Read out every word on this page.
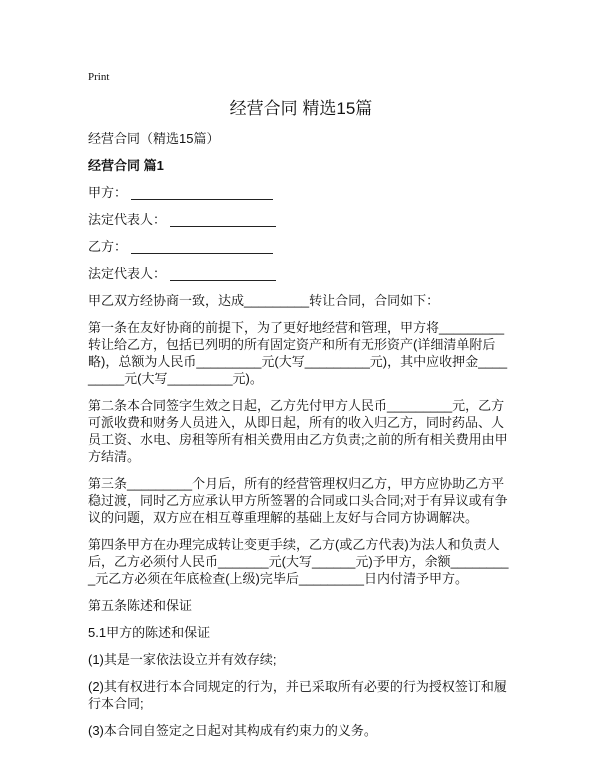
Print
经营合同 精选15篇
经营合同（精选15篇）
经营合同 篇1
甲方：
法定代表人：
乙方：
法定代表人：
甲乙双方经协商一致，达成_________转让合同，合同如下：
第一条在友好协商的前提下，为了更好地经营和管理，甲方将_________转让给乙方，包括已列明的所有固定资产和所有无形资产(详细清单附后略)，总额为人民币_________元(大写_________元)，其中应收押金_________元(大写_________元)。
第二条本合同签字生效之日起，乙方先付甲方人民币_________元，乙方可派收费和财务人员进入，从即日起，所有的收入归乙方，同时药品、人员工资、水电、房租等所有相关费用由乙方负责;之前的所有相关费用由甲方结清。
第三条_________个月后，所有的经营管理权归乙方，甲方应协助乙方平稳过渡，同时乙方应承认甲方所签署的合同或口头合同;对于有异议或有争议的问题，双方应在相互尊重理解的基础上友好与合同方协调解决。
第四条甲方在办理完成转让变更手续，乙方(或乙方代表)为法人和负责人后，乙方必须付人民币_______元(大写______元)予甲方，余额_________元乙方必须在年底检查(上级)完毕后_________日内付清予甲方。
第五条陈述和保证
5.1甲方的陈述和保证
(1)其是一家依法设立并有效存续;
(2)其有权进行本合同规定的行为，并已采取所有必要的行为授权签订和履行本合同;
(3)本合同自签定之日起对其构成有约束力的义务。
